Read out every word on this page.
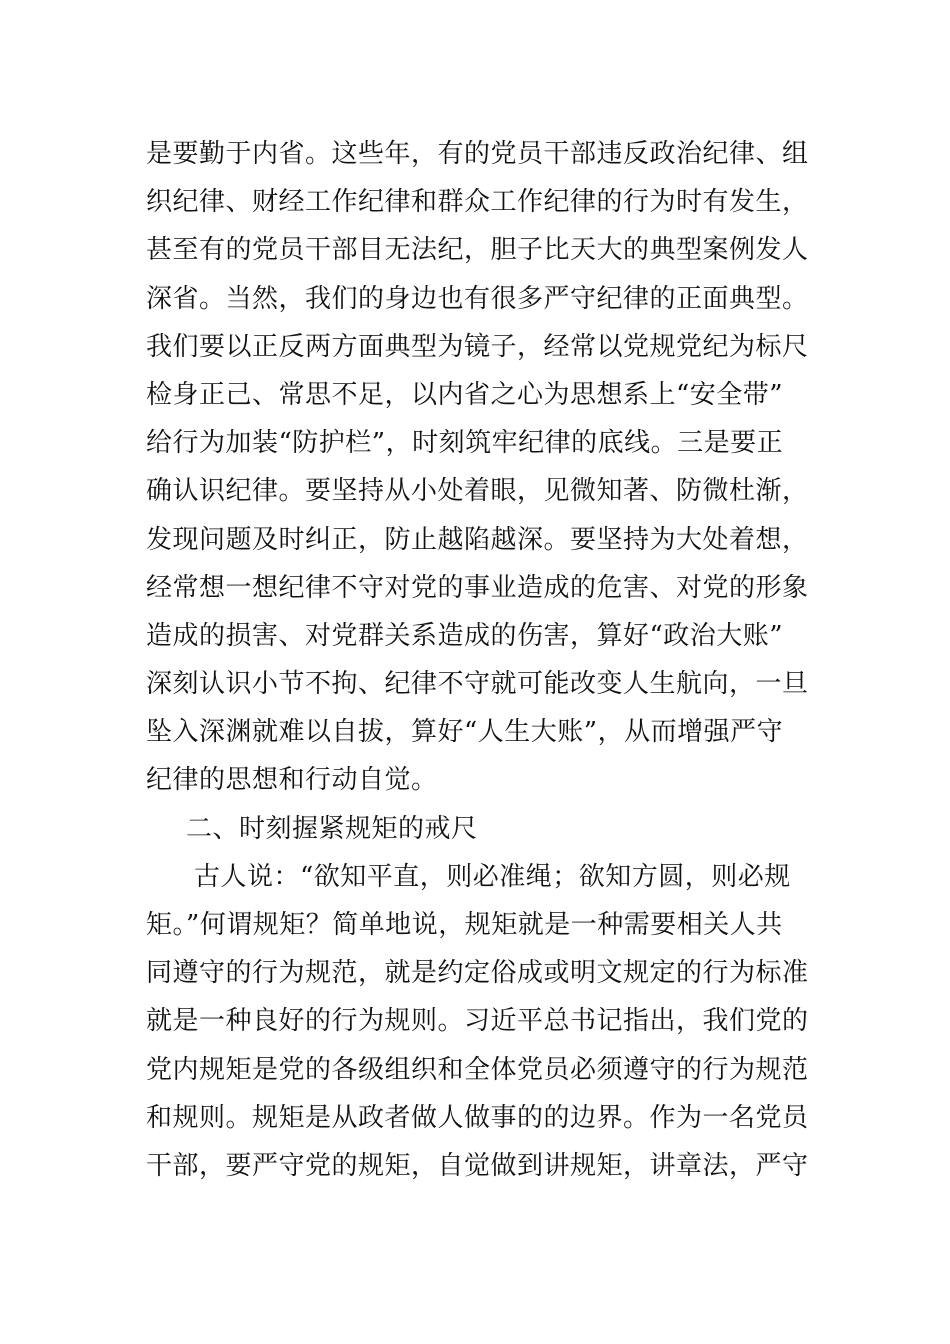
是要勤于内省。这些年，有的党员干部违反政治纪律、组
织纪律、财经工作纪律和群众工作纪律的行为时有发生，
甚至有的党员干部目无法纪，胆子比天大的典型案例发人
深省。当然，我们的身边也有很多严守纪律的正面典型。
我们要以正反两方面典型为镜子，经常以党规党纪为标尺
检身正己、常思不足，以内省之心为思想系上“安全带”
给行为加装“防护栏”，时刻筑牢纪律的底线。三是要正
确认识纪律。要坚持从小处着眼，见微知著、防微杜渐，
发现问题及时纠正，防止越陷越深。要坚持为大处着想，
经常想一想纪律不守对党的事业造成的危害、对党的形象
造成的损害、对党群关系造成的伤害，算好“政治大账”
深刻认识小节不拘、纪律不守就可能改变人生航向，一旦
坠入深渊就难以自拔，算好“人生大账”，从而增强严守
纪律的思想和行动自觉。
二、时刻握紧规矩的戒尺
古人说：“欲知平直，则必准绳；欲知方圆，则必规
矩。”何谓规矩？简单地说，规矩就是一种需要相关人共
同遵守的行为规范，就是约定俗成或明文规定的行为标准
就是一种良好的行为规则。习近平总书记指出，我们党的
党内规矩是党的各级组织和全体党员必须遵守的行为规范
和规则。规矩是从政者做人做事的的边界。作为一名党员
干部，要严守党的规矩，自觉做到讲规矩，讲章法，严守
